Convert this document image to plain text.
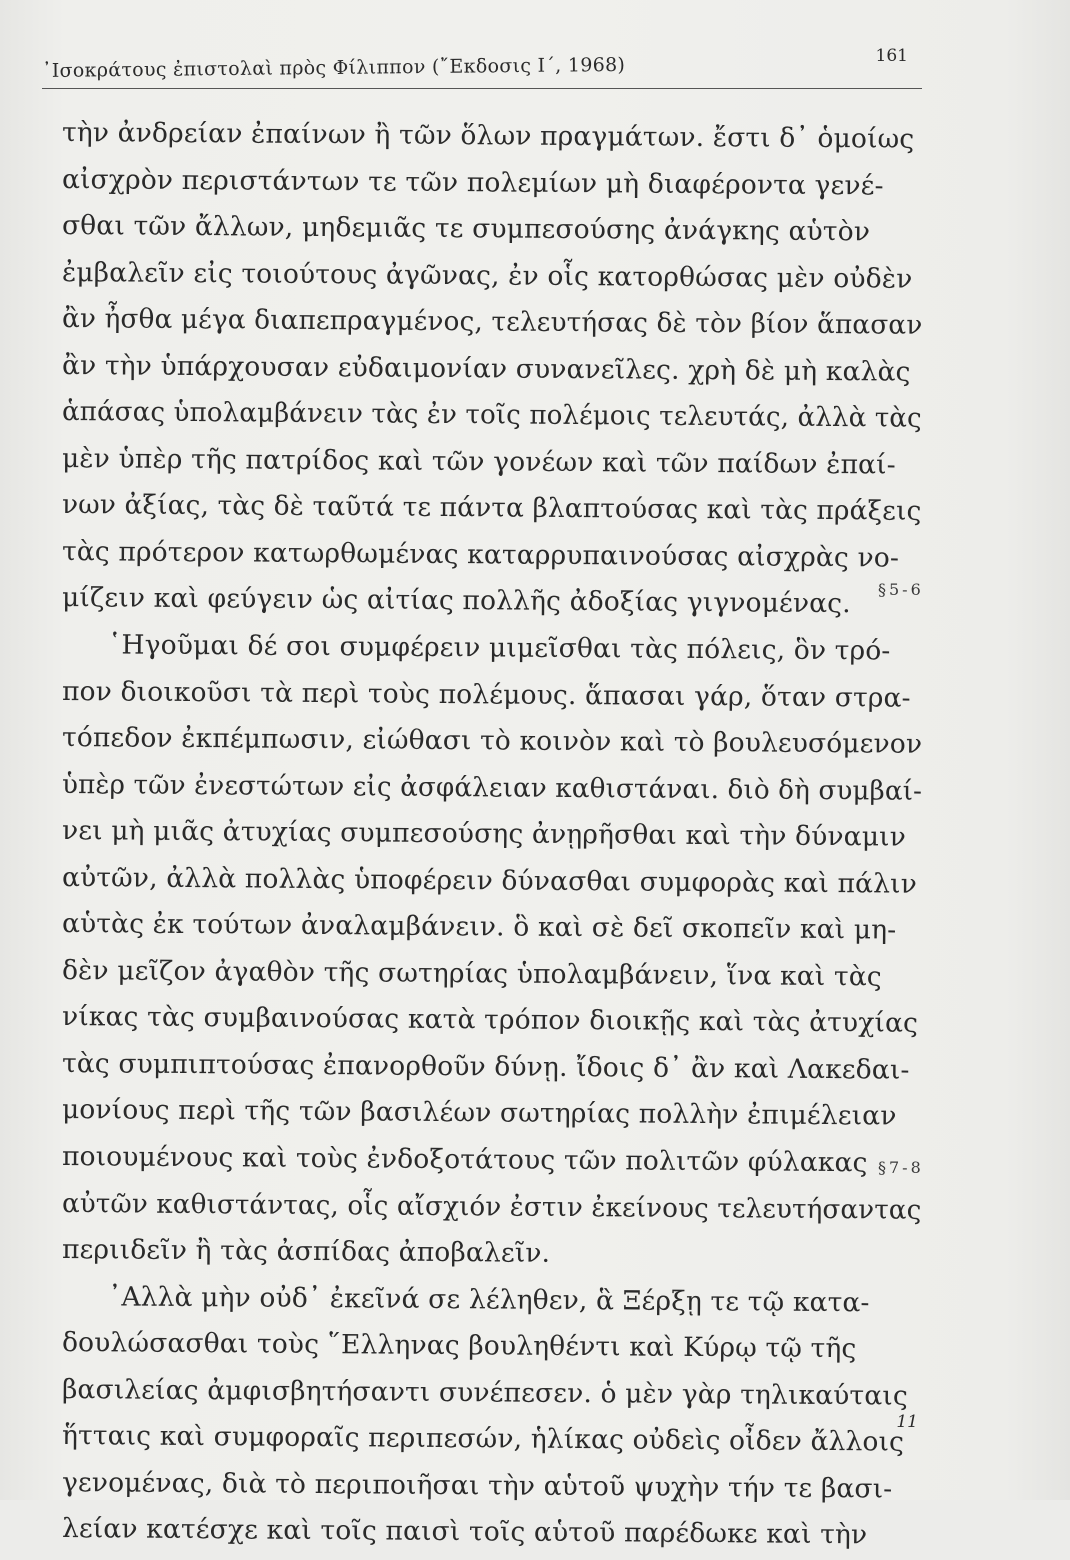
᾿Ισοκράτους ἐπιστολαὶ πρὸς Φίλιππον (῎Εκδοσις Ι΄, 1968)	161
τὴν ἀνδρείαν ἐπαίνων ἢ τῶν ὅλων πραγμάτων. ἔστι δ᾿ ὁμοίως
αἰσχρὸν περιστάντων τε τῶν πολεμίων μὴ διαφέροντα γενέ-
σθαι τῶν ἄλλων, μηδεμιᾶς τε συμπεσούσης ἀνάγκης αὑτὸν
ἐμβαλεῖν εἰς τοιούτους ἀγῶνας, ἐν οἷς κατορθώσας μὲν οὐδὲν
ἂν ἦσθα μέγα διαπεπραγμένος, τελευτήσας δὲ τὸν βίον ἅπασαν
ἂν τὴν ὑπάρχουσαν εὐδαιμονίαν συνανεῖλες. χρὴ δὲ μὴ καλὰς
ἁπάσας ὑπολαμβάνειν τὰς ἐν τοῖς πολέμοις τελευτάς, ἀλλὰ τὰς
μὲν ὑπὲρ τῆς πατρίδος καὶ τῶν γονέων καὶ τῶν παίδων ἐπαί-
νων ἀξίας, τὰς δὲ ταῦτά τε πάντα βλαπτούσας καὶ τὰς πράξεις
τὰς πρότερον κατωρθωμένας καταρρυπαινούσας αἰσχρὰς νο-
μίζειν καὶ φεύγειν ὡς αἰτίας πολλῆς ἀδοξίας γιγνομένας.
῾Ηγοῦμαι δέ σοι συμφέρειν μιμεῖσθαι τὰς πόλεις, ὃν τρό-
πον διοικοῦσι τὰ περὶ τοὺς πολέμους. ἅπασαι γάρ, ὅταν στρα-
τόπεδον ἐκπέμπωσιν, εἰώθασι τὸ κοινὸν καὶ τὸ βουλευσόμενον
ὑπὲρ τῶν ἐνεστώτων εἰς ἀσφάλειαν καθιστάναι. διὸ δὴ συμβαί-
νει μὴ μιᾶς ἀτυχίας συμπεσούσης ἀνῃρῆσθαι καὶ τὴν δύναμιν
αὐτῶν, ἀλλὰ πολλὰς ὑποφέρειν δύνασθαι συμφορὰς καὶ πάλιν
αὑτὰς ἐκ τούτων ἀναλαμβάνειν. ὃ καὶ σὲ δεῖ σκοπεῖν καὶ μη-
δὲν μεῖζον ἀγαθὸν τῆς σωτηρίας ὑπολαμβάνειν, ἵνα καὶ τὰς
νίκας τὰς συμβαινούσας κατὰ τρόπον διοικῇς καὶ τὰς ἀτυχίας
τὰς συμπιπτούσας ἐπανορθοῦν δύνῃ. ἴδοις δ᾿ ἂν καὶ Λακεδαι-
μονίους περὶ τῆς τῶν βασιλέων σωτηρίας πολλὴν ἐπιμέλειαν
ποιουμένους καὶ τοὺς ἐνδοξοτάτους τῶν πολιτῶν φύλακας
αὐτῶν καθιστάντας, οἷς αἴσχιόν ἐστιν ἐκείνους τελευτήσαντας
περιιδεῖν ἢ τὰς ἀσπίδας ἀποβαλεῖν.
᾿Αλλὰ μὴν οὐδ᾿ ἐκεῖνά σε λέληθεν, ἃ Ξέρξῃ τε τῷ κατα-
δουλώσασθαι τοὺς ῞Ελληνας βουληθέντι καὶ Κύρῳ τῷ τῆς
βασιλείας ἀμφισβητήσαντι συνέπεσεν. ὁ μὲν γὰρ τηλικαύταις
ἥτταις καὶ συμφοραῖς περιπεσών, ἡλίκας οὐδεὶς οἶδεν ἄλλοις
γενομένας, διὰ τὸ περιποιῆσαι τὴν αὑτοῦ ψυχὴν τήν τε βασι-
λείαν κατέσχε καὶ τοῖς παισὶ τοῖς αὑτοῦ παρέδωκε καὶ τὴν
§5-6
§7-8
11
